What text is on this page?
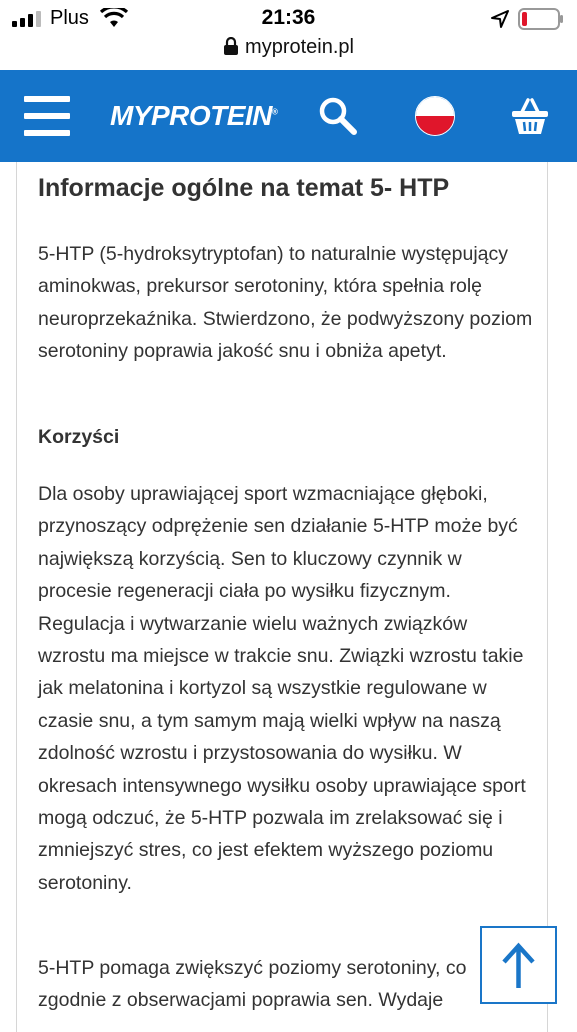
Plus	21:36
myprotein.pl
MYPROTEIN®
Informacje ogólne na temat 5- HTP

5-HTP (5-hydroksytryptofan) to naturalnie występujący aminokwas, prekursor serotoniny, która spełnia rolę neuroprzekaźnika. Stwierdzono, że podwyższony poziom serotoniny poprawia jakość snu i obniża apetyt.

Korzyści

Dla osoby uprawiającej sport wzmacniające głęboki, przynoszący odprężenie sen działanie 5-HTP może być największą korzyścią. Sen to kluczowy czynnik w procesie regeneracji ciała po wysiłku fizycznym. Regulacja i wytwarzanie wielu ważnych związków wzrostu ma miejsce w trakcie snu. Związki wzrostu takie jak melatonina i kortyzol są wszystkie regulowane w czasie snu, a tym samym mają wielki wpływ na naszą zdolność wzrostu i przystosowania do wysiłku. W okresach intensywnego wysiłku osoby uprawiające sport mogą odczuć, że 5-HTP pozwala im zrelaksować się i zmniejszyć stres, co jest efektem wyższego poziomu serotoniny.

5-HTP pomaga zwiększyć poziomy serotoniny, co zgodnie z obserwacjami poprawia sen. Wydaje
